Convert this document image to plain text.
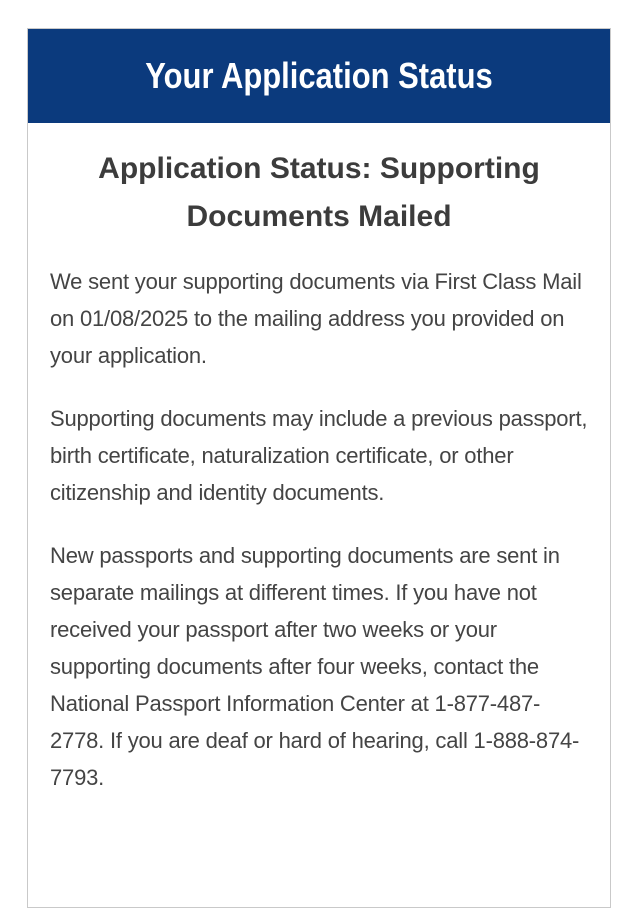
Your Application Status
Application Status: Supporting Documents Mailed

We sent your supporting documents via First Class Mail on 01/08/2025 to the mailing address you provided on your application.

Supporting documents may include a previous passport, birth certificate, naturalization certificate, or other citizenship and identity documents.

New passports and supporting documents are sent in separate mailings at different times. If you have not received your passport after two weeks or your supporting documents after four weeks, contact the National Passport Information Center at 1-877-487-2778. If you are deaf or hard of hearing, call 1-888-874-7793.
